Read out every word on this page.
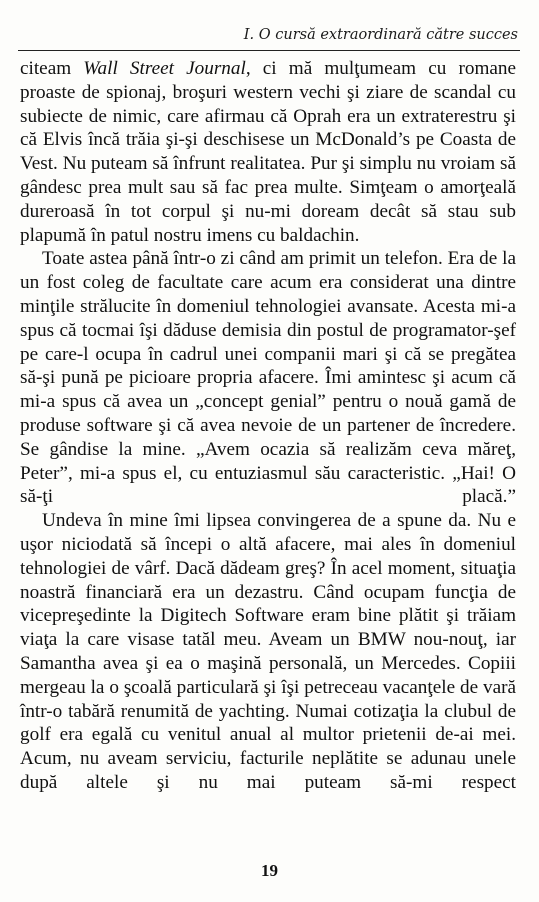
I. O cursă extraordinară către succes

citeam Wall Street Journal, ci mă mulţumeam cu romane proaste de spionaj, broşuri western vechi şi ziare de scandal cu subiecte de nimic, care afirmau că Oprah era un extraterestru şi că Elvis încă trăia şi-şi deschisese un McDonald’s pe Coasta de Vest. Nu puteam să înfrunt realitatea. Pur şi simplu nu vroiam să gândesc prea mult sau să fac prea multe. Simţeam o amorţeală dureroasă în tot corpul şi nu-mi doream decât să stau sub plapumă în patul nostru imens cu baldachin.

Toate astea până într-o zi când am primit un telefon. Era de la un fost coleg de facultate care acum era considerat una dintre minţile strălucite în domeniul tehnologiei avansate. Acesta mi-a spus că tocmai îşi dăduse demisia din postul de programator-şef pe care-l ocupa în cadrul unei companii mari şi că se pregătea să-şi pună pe picioare propria afacere. Îmi amintesc şi acum că mi-a spus că avea un „concept genial” pentru o nouă gamă de produse software şi că avea nevoie de un partener de încredere. Se gândise la mine. „Avem ocazia să realizăm ceva măreţ, Peter”, mi-a spus el, cu entuziasmul său caracteristic. „Hai! O să-ţi placă.”

Undeva în mine îmi lipsea convingerea de a spune da. Nu e uşor niciodată să începi o altă afacere, mai ales în domeniul tehnologiei de vârf. Dacă dădeam greş? În acel moment, situaţia noastră financiară era un dezastru. Când ocupam funcţia de vicepreşedinte la Digitech Software eram bine plătit şi trăiam viaţa la care visase tatăl meu. Aveam un BMW nou-nouţ, iar Samantha avea şi ea o maşină personală, un Mercedes. Copiii mergeau la o şcoală particulară şi îşi petreceau vacanţele de vară într-o tabără renumită de yachting. Numai cotizaţia la clubul de golf era egală cu venitul anual al multor prietenii de-ai mei. Acum, nu aveam serviciu, facturile neplătite se adunau unele după altele şi nu mai puteam să-mi respect

19
